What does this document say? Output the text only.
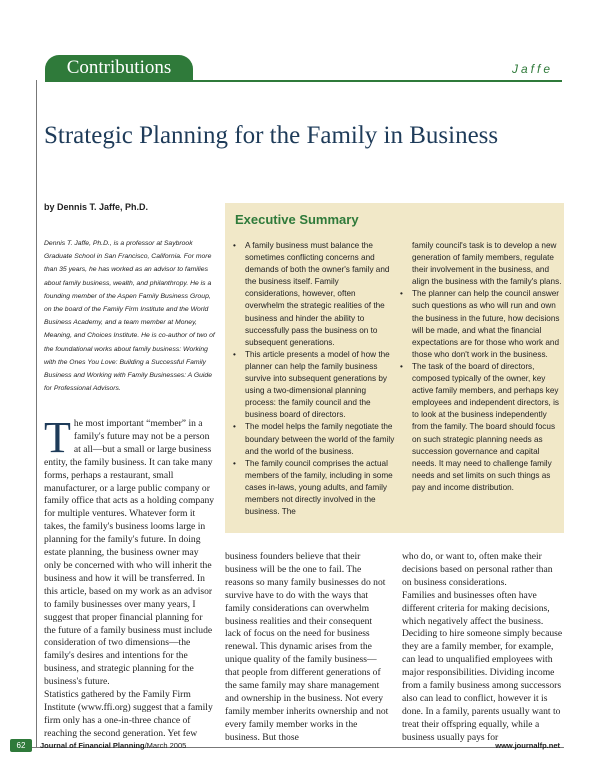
Contributions	Jaffe
Strategic Planning for the Family in Business
by Dennis T. Jaffe, Ph.D.
Dennis T. Jaffe, Ph.D., is a professor at Saybrook Graduate School in San Francisco, California. For more than 35 years, he has worked as an advisor to families about family business, wealth, and philanthropy. He is a founding member of the Aspen Family Business Group, on the board of the Family Firm Institute and the World Business Academy, and a team member at Money, Meaning, and Choices Institute. He is co-author of two of the foundational works about family business: Working with the Ones You Love: Building a Successful Family Business and Working with Family Businesses: A Guide for Professional Advisors.
Executive Summary
• A family business must balance the sometimes conflicting concerns and demands of both the owner's family and the business itself. Family considerations, however, often overwhelm the strategic realities of the business and hinder the ability to successfully pass the business on to subsequent generations.
• This article presents a model of how the planner can help the family business survive into subsequent generations by using a two-dimensional planning process: the family council and the business board of directors.
• The model helps the family negotiate the boundary between the world of the family and the world of the business.
• The family council comprises the actual members of the family, including in some cases in-laws, young adults, and family members not directly involved in the business. The
family council's task is to develop a new generation of family members, regulate their involvement in the business, and align the business with the family's plans.
• The planner can help the council answer such questions as who will run and own the business in the future, how decisions will be made, and what the financial expectations are for those who work and those who don't work in the business.
• The task of the board of directors, composed typically of the owner, key active family members, and perhaps key employees and independent directors, is to look at the business independently from the family. The board should focus on such strategic planning needs as succession governance and capital needs. It may need to challenge family needs and set limits on such things as pay and income distribution.

The most important “member” in a family's future may not be a person at all—but a small or large business entity, the family business. It can take many forms, perhaps a restaurant, small manufacturer, or a large public company or family office that acts as a holding company for multiple ventures. Whatever form it takes, the family's business looms large in planning for the family's future. In doing estate planning, the business owner may only be concerned with who will inherit the business and how it will be transferred. In this article, based on my work as an advisor to family businesses over many years, I suggest that proper financial planning for the future of a family business must include consideration of two dimensions—the family's desires and intentions for the business, and strategic planning for the business's future.

Statistics gathered by the Family Firm Institute (www.ffi.org) suggest that a family firm only has a one-in-three chance of reaching the second generation. Yet few

business founders believe that their business will be the one to fail. The reasons so many family businesses do not survive have to do with the ways that family considerations can overwhelm business realities and their consequent lack of focus on the need for business renewal. This dynamic arises from the unique quality of the family business—that people from different generations of the same family may share management and ownership in the business. Not every family member inherits ownership and not every family member works in the business. But those

who do, or want to, often make their decisions based on personal rather than on business considerations.

Families and businesses often have different criteria for making decisions, which negatively affect the business. Deciding to hire someone simply because they are a family member, for example, can lead to unqualified employees with major responsibilities. Dividing income from a family business among successors also can lead to conflict, however it is done. In a family, parents usually want to treat their offspring equally, while a business usually pays for

62	Journal of Financial Planning/March 2005	www.journalfp.net
